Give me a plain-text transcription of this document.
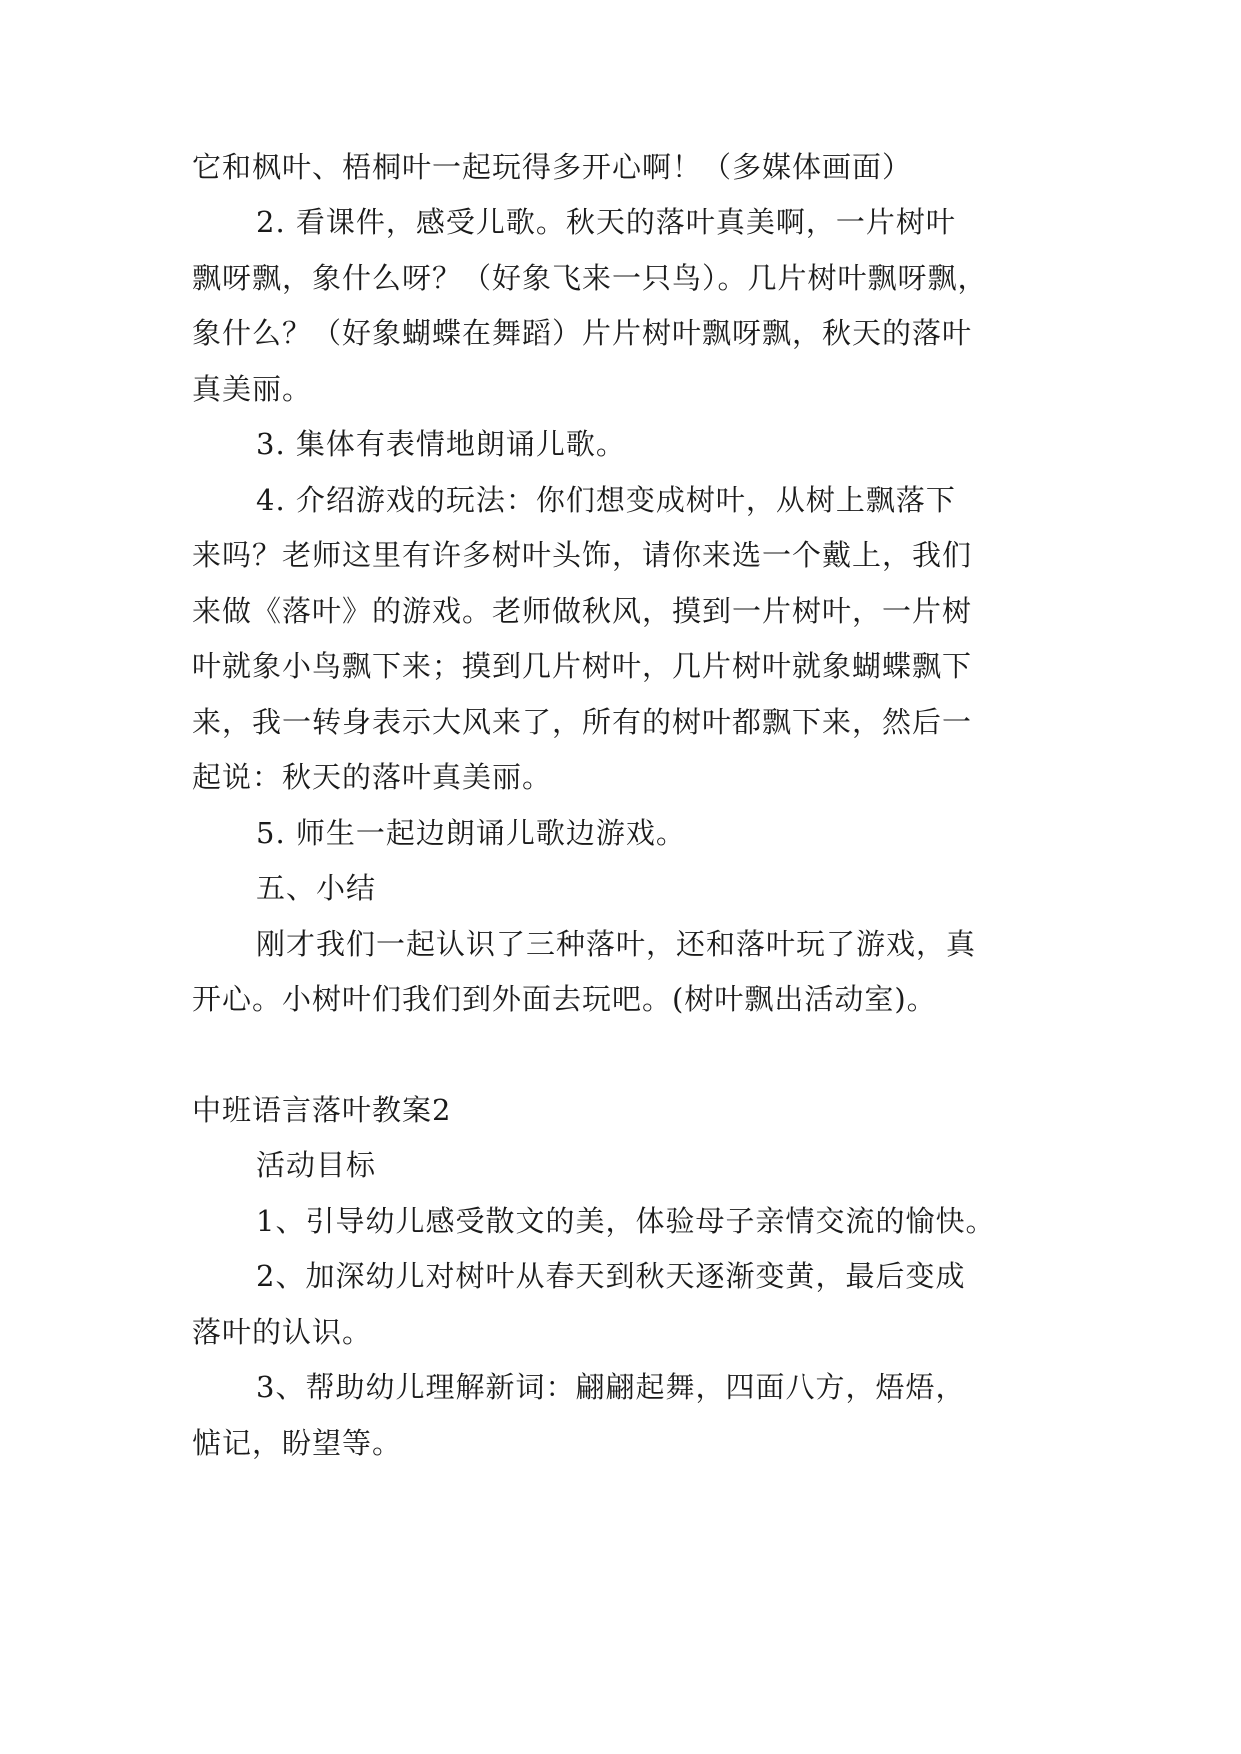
它和枫叶、梧桐叶一起玩得多开心啊！（多媒体画面）
2. 看课件，感受儿歌。秋天的落叶真美啊，一片树叶
飘呀飘，象什么呀？（好象飞来一只鸟）。几片树叶飘呀飘，
象什么？（好象蝴蝶在舞蹈）片片树叶飘呀飘，秋天的落叶
真美丽。
3. 集体有表情地朗诵儿歌。
4. 介绍游戏的玩法：你们想变成树叶，从树上飘落下
来吗？老师这里有许多树叶头饰，请你来选一个戴上，我们
来做《落叶》的游戏。老师做秋风，摸到一片树叶，一片树
叶就象小鸟飘下来；摸到几片树叶，几片树叶就象蝴蝶飘下
来，我一转身表示大风来了，所有的树叶都飘下来，然后一
起说：秋天的落叶真美丽。
5. 师生一起边朗诵儿歌边游戏。
五、小结
刚才我们一起认识了三种落叶，还和落叶玩了游戏，真
开心。小树叶们我们到外面去玩吧。(树叶飘出活动室)。
中班语言落叶教案2
活动目标
1、引导幼儿感受散文的美，体验母子亲情交流的愉快。
2、加深幼儿对树叶从春天到秋天逐渐变黄，最后变成
落叶的认识。
3、帮助幼儿理解新词：翩翩起舞，四面八方，焐焐，
惦记，盼望等。
